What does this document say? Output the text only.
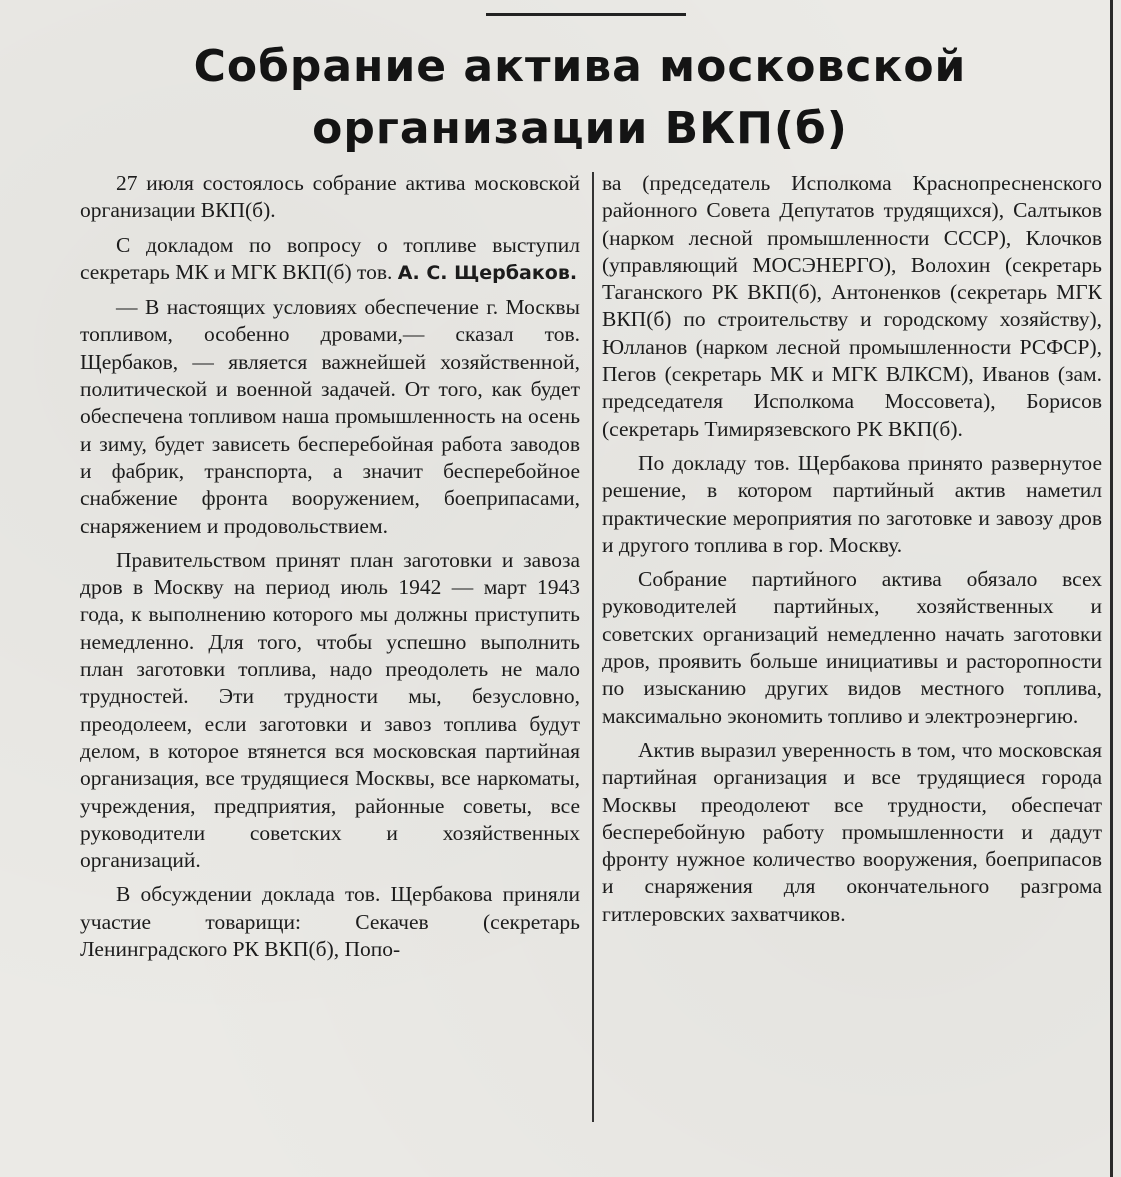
Собрание актива московской
организации ВКП(б)

27 июля состоялось собрание актива московской организации ВКП(б).

С докладом по вопросу о топливе выступил секретарь МК и МГК ВКП(б) тов. А. С. Щербаков.

— В настоящих условиях обеспечение г. Москвы топливом, особенно дровами,— сказал тов. Щербаков, — является важнейшей хозяйственной, политической и военной задачей. От того, как будет обеспечена топливом наша промышленность на осень и зиму, будет зависеть бесперебойная работа заводов и фабрик, транспорта, а значит бесперебойное снабжение фронта вооружением, боеприпасами, снаряжением и продовольствием.

Правительством принят план заготовки и завоза дров в Москву на период июль 1942 — март 1943 года, к выполнению которого мы должны приступить немедленно. Для того, чтобы успешно выполнить план заготовки топлива, надо преодолеть не мало трудностей. Эти трудности мы, безусловно, преодолеем, если заготовки и завоз топлива будут делом, в которое втянется вся московская партийная организация, все трудящиеся Москвы, все наркоматы, учреждения, предприятия, районные советы, все руководители советских и хозяйственных организаций.

В обсуждении доклада тов. Щербакова приняли участие товарищи: Секачев (секретарь Ленинградского РК ВКП(б), Попо-

ва (председатель Исполкома Краснопресненского районного Совета Депутатов трудящихся), Салтыков (нарком лесной промышленности СССР), Клочков (управляющий МОСЭНЕРГО), Волохин (секретарь Таганского РК ВКП(б), Антоненков (секретарь МГК ВКП(б) по строительству и городскому хозяйству), Юлланов (нарком лесной промышленности РСФСР), Пегов (секретарь МК и МГК ВЛКСМ), Иванов (зам. председателя Исполкома Моссовета), Борисов (секретарь Тимирязевского РК ВКП(б).

По докладу тов. Щербакова принято развернутое решение, в котором партийный актив наметил практические мероприятия по заготовке и завозу дров и другого топлива в гор. Москву.

Собрание партийного актива обязало всех руководителей партийных, хозяйственных и советских организаций немедленно начать заготовки дров, проявить больше инициативы и расторопности по изысканию других видов местного топлива, максимально экономить топливо и электроэнергию.

Актив выразил уверенность в том, что московская партийная организация и все трудящиеся города Москвы преодолеют все трудности, обеспечат бесперебойную работу промышленности и дадут фронту нужное количество вооружения, боеприпасов и снаряжения для окончательного разгрома гитлеровских захватчиков.
